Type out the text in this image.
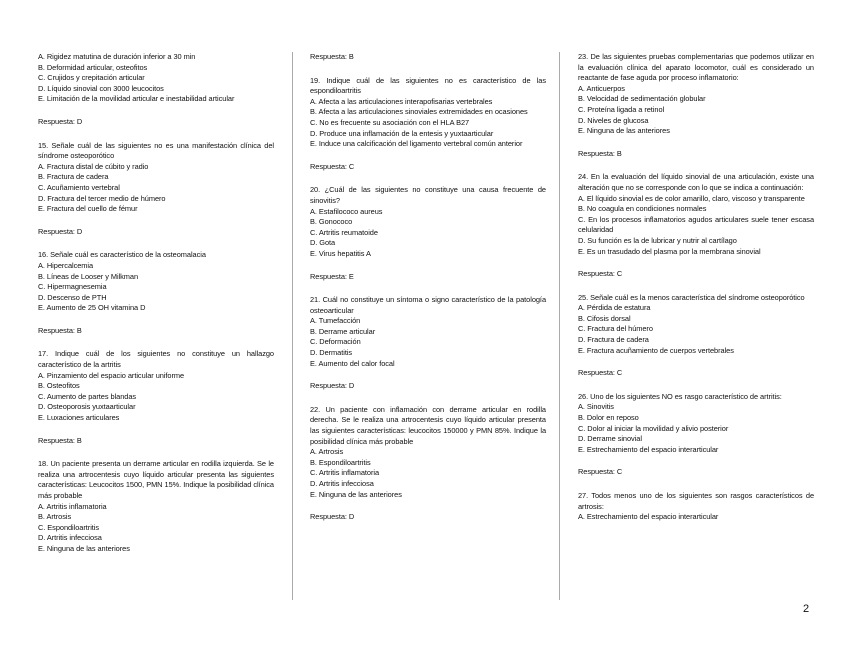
A. Rigidez matutina de duración inferior a 30 min
B. Deformidad articular, osteofitos
C. Crujidos y crepitación articular
D. Líquido sinovial con 3000 leucocitos
E. Limitación de la movilidad articular e inestabilidad articular
Respuesta: D
15. Señale cuál de las siguientes no es una manifestación clínica del síndrome osteoporótico
A. Fractura distal de cúbito y radio
B. Fractura de cadera
C. Acuñamiento vertebral
D. Fractura del tercer medio de húmero
E. Fractura del cuello de fémur
Respuesta: D
16. Señale cuál es característico de la osteomalacia
A. Hipercalcemia
B. Líneas de Looser y Milkman
C. Hipermagnesemia
D. Descenso de PTH
E. Aumento de 25 OH vitamina D
Respuesta: B
17. Indique cuál de los siguientes no constituye un hallazgo característico de la artritis
A. Pinzamiento del espacio articular uniforme
B. Osteofitos
C. Aumento de partes blandas
D. Osteoporosis yuxtaarticular
E. Luxaciones articulares
Respuesta: B
18. Un paciente presenta un derrame articular en rodilla izquierda. Se le realiza una artrocentesis cuyo líquido articular presenta las siguientes características: Leucocitos 1500, PMN 15%. Indique la posibilidad clínica más probable
A. Artritis inflamatoria
B. Artrosis
C. Espondiloartritis
D. Artritis infecciosa
E. Ninguna de las anteriores
Respuesta: B
19. Indique cuál de las siguientes no es característico de las espondiloartritis
A. Afecta a las articulaciones interapofisarias vertebrales
B. Afecta a las articulaciones sinoviales extremidades en ocasiones
C. No es frecuente su asociación con el HLA B27
D. Produce una inflamación de la entesis y yuxtaarticular
E. Induce una calcificación del ligamento vertebral común anterior
Respuesta: C
20. ¿Cuál de las siguientes no constituye una causa frecuente de sinovitis?
A. Estafilococo aureus
B. Gonococo
C. Artritis reumatoide
D. Gota
E. Virus hepatitis A
Respuesta: E
21. Cuál no constituye un síntoma o signo característico de la patología osteoarticular
A. Tumefacción
B. Derrame articular
C. Deformación
D. Dermatitis
E. Aumento del calor focal
Respuesta: D
22. Un paciente con inflamación con derrame articular en rodilla derecha. Se le realiza una artrocentesis cuyo líquido articular presenta las siguientes características: leucocitos 150000 y PMN 85%. Indique la posibilidad clínica más probable
A. Artrosis
B. Espondiloartritis
C. Artritis inflamatoria
D. Artritis infecciosa
E. Ninguna de las anteriores
Respuesta: D
23. De las siguientes pruebas complementarias que podemos utilizar en la evaluación clínica del aparato locomotor, cuál es considerado un reactante de fase aguda por proceso inflamatorio:
A. Anticuerpos
B. Velocidad de sedimentación globular
C. Proteína ligada a retinol
D. Niveles de glucosa
E. Ninguna de las anteriores
Respuesta: B
24. En la evaluación del líquido sinovial de una articulación, existe una alteración que no se corresponde con lo que se indica a continuación:
A. El líquido sinovial es de color amarillo, claro, viscoso y transparente
B. No coagula en condiciones normales
C. En los procesos inflamatorios agudos articulares suele tener escasa celularidad
D. Su función es la de lubricar y nutrir al cartílago
E. Es un trasudado del plasma por la membrana sinovial
Respuesta: C
25. Señale cuál es la menos característica del síndrome osteoporótico
A. Pérdida de estatura
B. Cifosis dorsal
C. Fractura del húmero
D. Fractura de cadera
E. Fractura acuñamiento de cuerpos vertebrales
Respuesta: C
26. Uno de los siguientes NO es rasgo característico de artritis:
A. Sinovitis
B. Dolor en reposo
C. Dolor al iniciar la movilidad y alivio posterior
D. Derrame sinovial
E. Estrechamiento del espacio interarticular
Respuesta: C
27. Todos menos uno de los siguientes son rasgos característicos de artrosis:
A. Estrechamiento del espacio interarticular
2
